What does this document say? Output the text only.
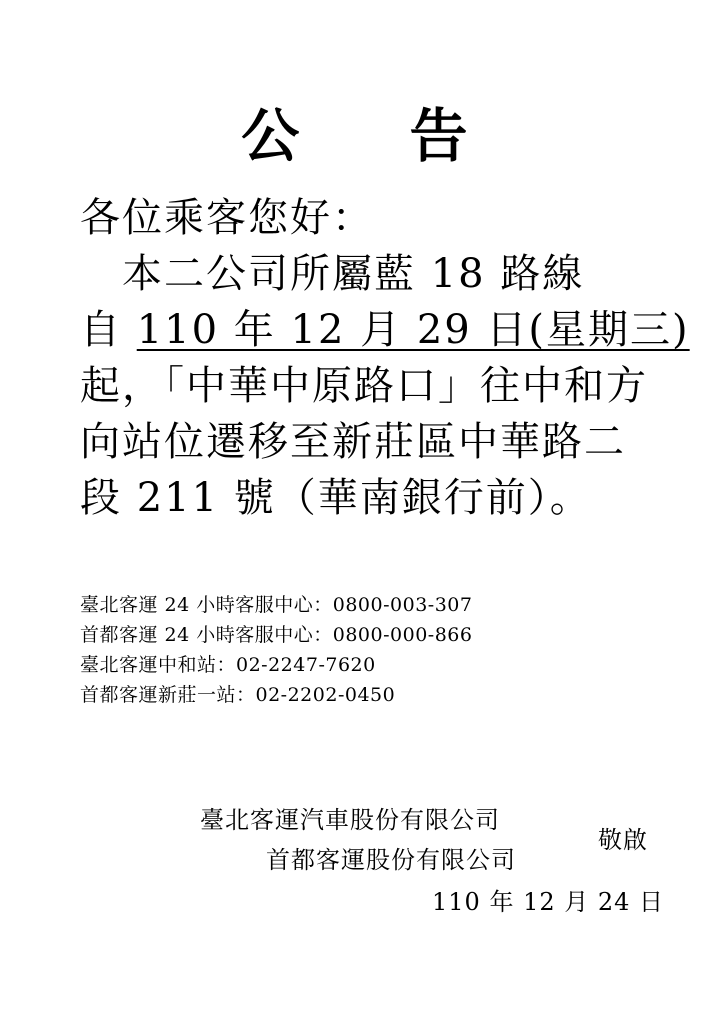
公 告
各位乘客您好：
　本二公司所屬藍 18 路線
自 110 年 12 月 29 日(星期三)
起，「中華中原路口」往中和方
向站位遷移至新莊區中華路二
段 211 號（華南銀行前）。
臺北客運 24 小時客服中心：0800-003-307
首都客運 24 小時客服中心：0800-000-866
臺北客運中和站：02-2247-7620
首都客運新莊一站：02-2202-0450
臺北客運汽車股份有限公司
首都客運股份有限公司
敬啟
110 年 12 月 24 日
